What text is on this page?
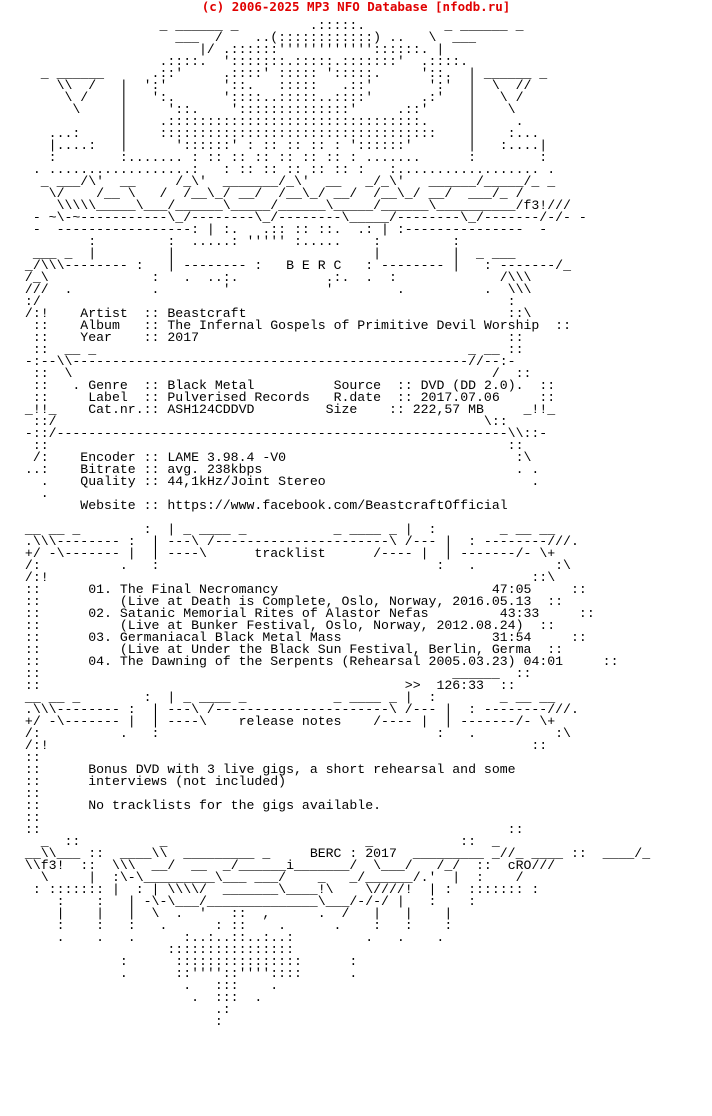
(c) 2006-2025 MP3 NFO Database [nfodb.ru]
_ ______ _         .:::::.          _ ______ _
___  /    ..(::::::::::::) ..   \  ___
|/ .::::::''''''''''''::::::. |
.::::.  ':::::::.:::::.:::::::'  .::::.
_ ______      .::'     .::::' ::::: ':::::.     '::.  | ______ _
\\  /   |  ':'       '::.   :::::   .::'       ':'  |  \  //
\ /    |   ':.      '::::..:::::..::::'      .:'   |   \ /
\     |     '::.    '::::::::::::::'     .::'     |    \
|    .::::::::::::::::::::::::::::::::.     |     .
...:     |    :::::::::::::::::::::::::::::::::::    |    :...
|....:   |      '::::::' : :: :: :: : '::::::'       |   :....|
:        :....... : :: :: :: :: :: :: : .......      :        :
. ..................:   : :: :: :: :: :: :   :.................. .
_ ___/\'  __     /_\'  _______/_\'  __   _/_\'   ______/_____/_ _
\/    /__ \   /  /__\_/ __/  /__\_/ __/  /__\_/ __/  ___/_ /
\\\\\_____\___/______\_____/______\_____/______\__________/f3!///
- ~\-~-----------\_/--------\_/--------\_____/--------\_/-------/-/- -
-  -----------------: | :.   .:: :: ::.  .: | :---------------  -
:         :  .....: ''''' :.....    :         :
___ _  |         |                         |         |  _ ___
_/\\\-------- :   | -------- :   B E R C   : -------- |   : -------/_
/_\             :   .  ..:.           .:.  .  :             /\\\
///  .          .        '            '        .          .  \\\
:/                                                           :
/:!    Artist  :: Beastcraft	::\
::    Album   :: The Infernal Gospels of Primitive Devil Worship  ::
::    Year    :: 2017	::
::  __ _                                               _ __ ::
-:--\\--------------------------------------------------//--:-
::  \                                                     /  ::
::   . Genre  :: Black Metal          Source  :: DVD (DD 2.0).  ::
::     Label  :: Pulverised Records   R.date  :: 2017.07.06	::
_!!_    Cat.nr.:: ASH124CDDVD         Size    :: 222,57 MB	_!!_
::/                                                      \::
-::/---------------------------------------------------------\\::-
::                                                          ::
/:    Encoder :: LAME 3.98.4 -V0	:\
..:    Bitrate :: avg. 238kbps	. .
.    Quality :: 44,1kHz/Joint Stereo	.
.
Website :: https://www.facebook.com/BeastcraftOfficial

__ __ _        :  | _ ____ _           _ ____ _ |  :        _ __ __
.\\\-------- :  | ---\ /----------------------\ /--- |  : --------///.
+/ -\------- |  | ----\	tracklist	/---- |  | -------/- \+
/:          .   :                                   :   .          :\
/:!                                                             ::\
::	01. The Final Necromancy	47:05	::
::	(Live at Death is Complete, Oslo, Norway, 2016.05.13  ::
::	02. Satanic Memorial Rites of Alastor Nefas	43:33	::
::	(Live at Bunker Festival, Oslo, Norway, 2012.08.24)  ::
::	03. Germaniacal Black Metal Mass	31:54	::
::	(Live at Under the Black Sun Festival, Berlin, Germa  ::
::	04. The Dawning of the Serpents (Rehearsal 2005.03.23) 04:01	::
::                                                    ______  ::
::                                              >>  126:33  ::
__ __ _        :  | _ ____ _           _ ____ _ |  :        _ __ __
.\\\-------- :  | ---\ /----------------------\ /--- |  : --------///.
+/ -\------- |  | ----\    release notes    /---- |  | -------/- \+
/:          .   :                                   :   .          :\
/:!                                                             ::
::
::	Bonus DVD with 3 live gigs, a short rehearsal and some
::	interviews (not included)
::
::	No tracklists for the gigs available.
::
::                                                           ::
_  ::          _                         _           ::  _
__\\___ ::  ____\\  _________ _	BERC : 2017  _________ _//_ ____ ::  ____/_
\\f3!  ::  \\\  __/  __  _/______i_______/  \___/   /_/  ::  cRO///
\     |  :\-\_________\___ ___/    _   _/______/.'  |  :    /
: ::::::: |  : | \\\\/  _______\____!\    \////!  | :  ::::::: :
:    :   | -\-\___/______________\___/-/-/ |   :    :
|    |   |  \  .  '   ::  ,      .  /   |   |    |
:    :   :   .      : ::    .      .    :   :    :
.    .   .      :..:..::..:..:         .   .    .
::::::::::::::::
:      ::::::::::::::::      :
.      ::''''::''''::::      .
.   :::    .
.  :::  .
.:
:
